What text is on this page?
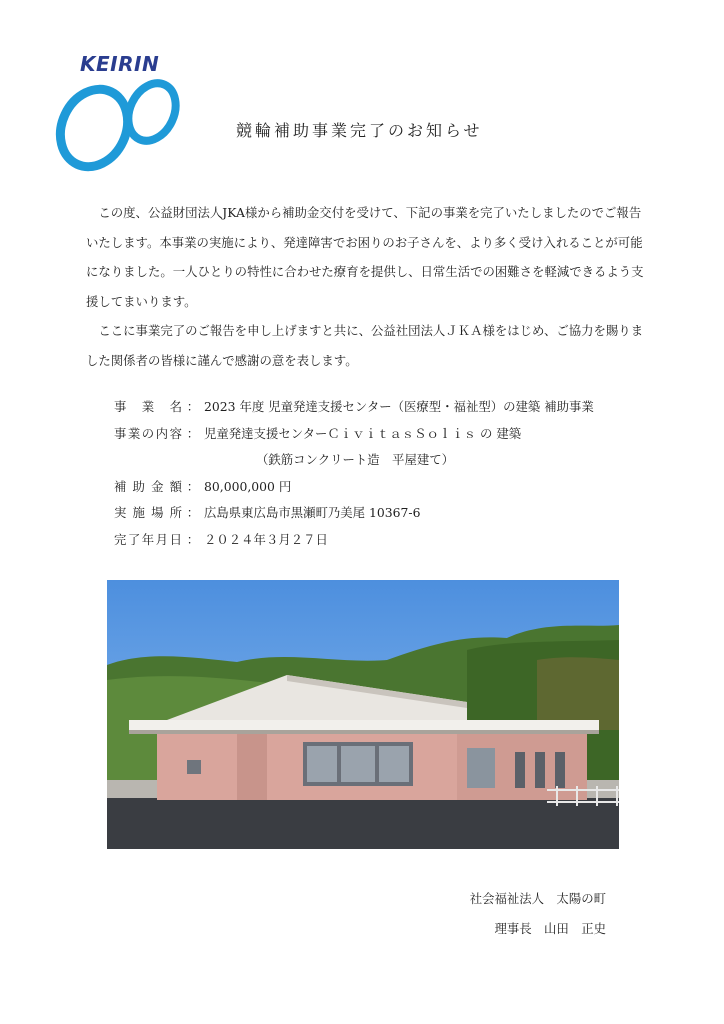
KEIRIN
競輪補助事業完了のお知らせ

この度、公益財団法人JKA様から補助金交付を受けて、下記の事業を完了いたしましたのでご報告いたします。本事業の実施により、発達障害でお困りのお子さんを、より多く受け入れることが可能になりました。一人ひとりの特性に合わせた療育を提供し、日常生活での困難さを軽減できるよう支援してまいります。

ここに事業完了のご報告を申し上げますと共に、公益社団法人ＪＫＡ様をはじめ、ご協力を賜りました関係者の皆様に謹んで感謝の意を表します。

事 業 名 ： 2023 年度 児童発達支援センター（医療型・福祉型）の建築 補助事業
事 業 の 内 容 ： 児童発達支援センターＣｉｖｉｔａｓＳｏｌｉｓ の 建築
（鉄筋コンクリート造　平屋建て）
補 助 金 額 ： 80,000,000 円
実 施 場 所 ： 広島県東広島市黒瀬町乃美尾 10367-6
完 了 年 月 日 ： ２０２４年３月２７日
社会福祉法人　太陽の町
理事長　山田　正史
